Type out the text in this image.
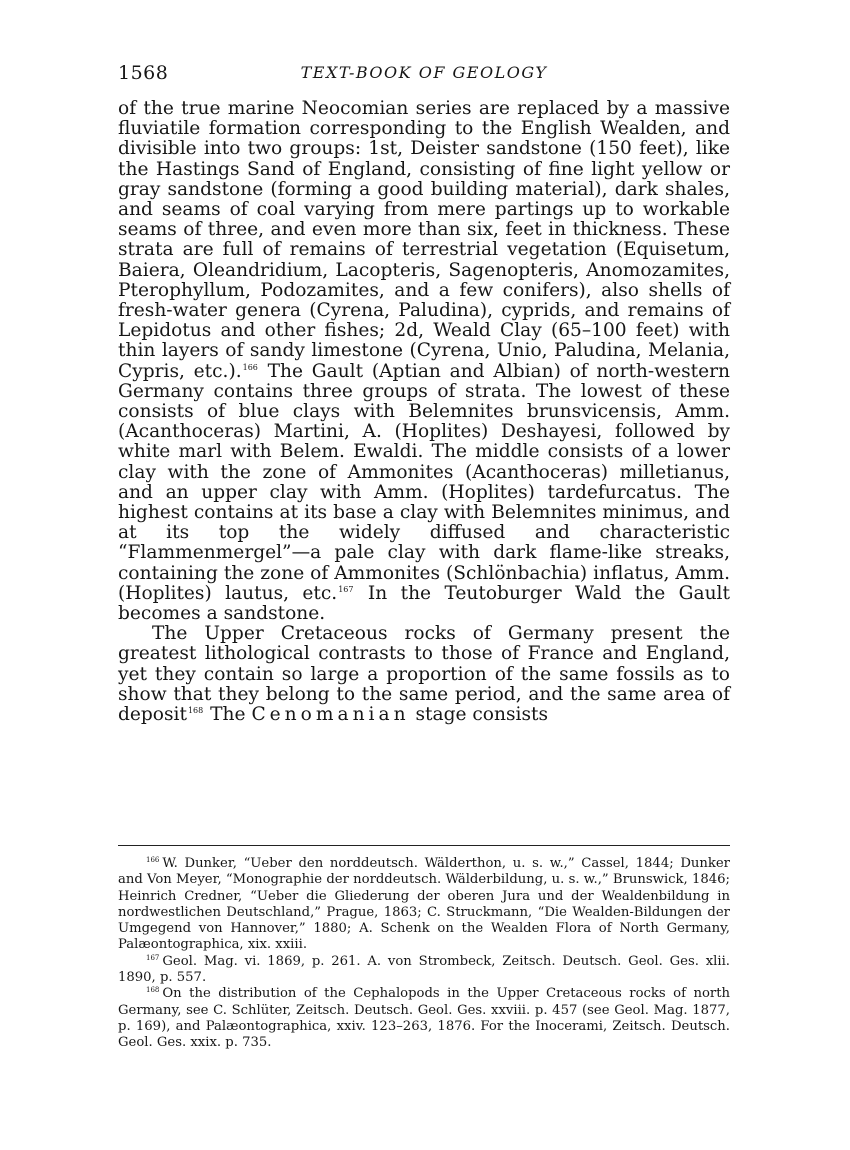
1568	TEXT-BOOK OF GEOLOGY

of the true marine Neocomian series are replaced by a massive fluviatile formation corresponding to the English Wealden, and divisible into two groups: 1st, Deister sandstone (150 feet), like the Hastings Sand of England, consisting of fine light yellow or gray sandstone (forming a good building material), dark shales, and seams of coal varying from mere partings up to workable seams of three, and even more than six, feet in thickness. These strata are full of remains of terrestrial vegetation (Equisetum, Baiera, Oleandridium, Lacopteris, Sagenopteris, Anomozamites, Pterophyllum, Podozamites, and a few conifers), also shells of fresh-water genera (Cyrena, Paludina), cyprids, and remains of Lepidotus and other fishes; 2d, Weald Clay (65–100 feet) with thin layers of sandy limestone (Cyrena, Unio, Paludina, Melania, Cypris, etc.).$^{166}$ The Gault (Aptian and Albian) of north-western Germany contains three groups of strata. The lowest of these consists of blue clays with Belemnites brunsvicensis, Amm. (Acanthoceras) Martini, A. (Hoplites) Deshayesi, followed by white marl with Belem. Ewaldi. The middle consists of a lower clay with the zone of Ammonites (Acanthoceras) milletianus, and an upper clay with Amm. (Hoplites) tardefurcatus. The highest contains at its base a clay with Belemnites minimus, and at its top the widely diffused and characteristic “Flammenmergel”—a pale clay with dark flame-like streaks, containing the zone of Ammonites (Schlönbachia) inflatus, Amm. (Hoplites) lautus, etc.$^{167}$ In the Teutoburger Wald the Gault becomes a sandstone.

The Upper Cretaceous rocks of Germany present the greatest lithological contrasts to those of France and England, yet they contain so large a proportion of the same fossils as to show that they belong to the same period, and the same area of deposit$^{168}$ The Cenomanian stage consists

$^{166}$ W. Dunker, “Ueber den norddeutsch. Wälderthon, u. s. w.,” Cassel, 1844; Dunker and Von Meyer, “Monographie der norddeutsch. Wälderbildung, u. s. w.,” Brunswick, 1846; Heinrich Credner, “Ueber die Gliederung der oberen Jura und der Wealdenbildung in nordwestlichen Deutschland,” Prague, 1863; C. Struckmann, “Die Wealden-Bildungen der Umgegend von Hannover,” 1880; A. Schenk on the Wealden Flora of North Germany, Palæontographica, xix. xxiii.

$^{167}$ Geol. Mag. vi. 1869, p. 261. A. von Strombeck, Zeitsch. Deutsch. Geol. Ges. xlii. 1890, p. 557.

$^{168}$ On the distribution of the Cephalopods in the Upper Cretaceous rocks of north Germany, see C. Schlüter, Zeitsch. Deutsch. Geol. Ges. xxviii. p. 457 (see Geol. Mag. 1877, p. 169), and Palæontographica, xxiv. 123–263, 1876. For the Inocerami, Zeitsch. Deutsch. Geol. Ges. xxix. p. 735.
